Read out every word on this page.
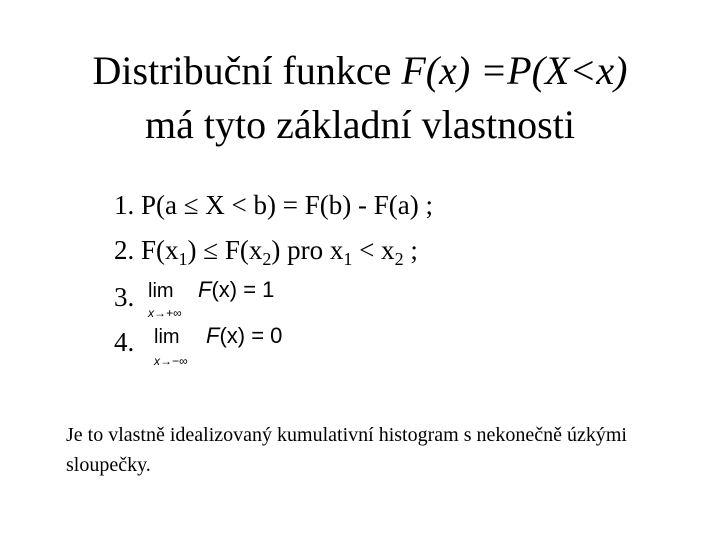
Distribuční funkce F(x) =P(X<x)
má tyto základní vlastnosti
1. P(a ≤ X < b) = F(b) - F(a) ;
2. $F(x_1) \le F(x_2)$ pro $x_1 < x_2$ ;
3. lim
x→+∞
F(x) = 1
4. lim
x→−∞
F(x) = 0
Je to vlastně idealizovaný kumulativní histogram s nekonečně úzkými sloupečky.
